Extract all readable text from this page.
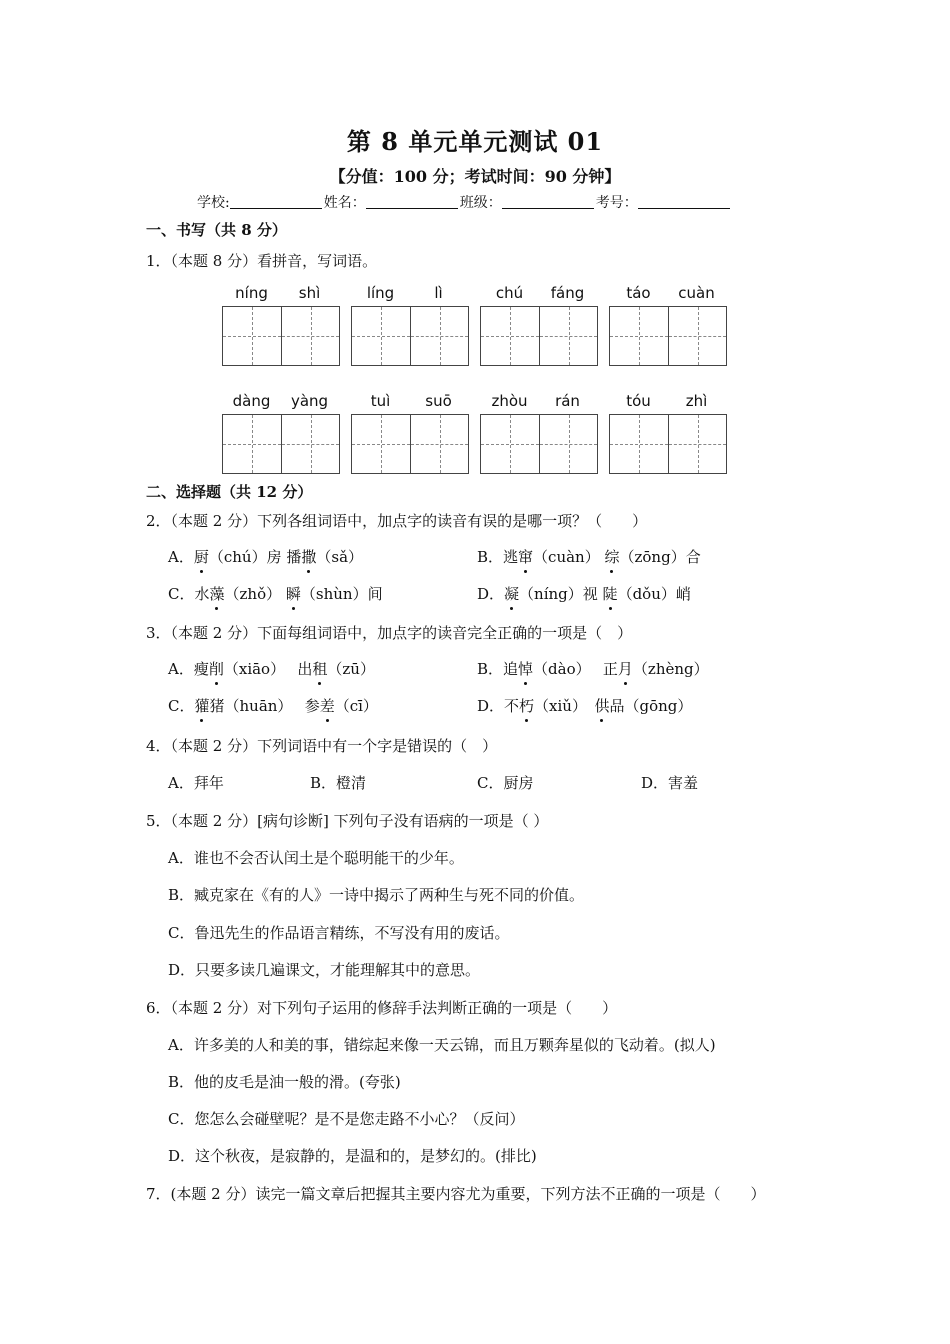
第 8 单元单元测试 01
【分值：100 分；考试时间：90 分钟】
学校:	姓名：	班级：	考号：
一、书写（共 8 分）
1．（本题 8 分）看拼音，写词语。
níng	shì	líng	lì	chú	fáng	táo	cuàn
dàng	yàng	tuì	suō	zhòu	rán	tóu	zhì
二、选择题（共 12 分）
2．（本题 2 分）下列各组词语中，加点字的读音有误的是哪一项？（　　）
A．厨（chú）房 播撒（sǎ）	B．逃窜（cuàn） 综（zōng）合
C．水藻（zhǒ） 瞬（shùn）间	D．凝（níng）视 陡（dǒu）峭
3．（本题 2 分）下面每组词语中，加点字的读音完全正确的一项是（　）
A．瘦削（xiāo）　 出租（zū）	B．追悼（dào）　 正月（zhèng）
C．獾猪（huān）　 参差（cī）	D．不朽（xiǔ）　供品（gōng）
4．（本题 2 分）下列词语中有一个字是错误的（　）
A．拜年	B．橙清	C．厨房	D．害羞
5．（本题 2 分）[病句诊断] 下列句子没有语病的一项是（ ）
A．谁也不会否认闰土是个聪明能干的少年。
B．臧克家在《有的人》一诗中揭示了两种生与死不同的价值。
C．鲁迅先生的作品语言精练，不写没有用的废话。
D．只要多读几遍课文，才能理解其中的意思。
6．（本题 2 分）对下列句子运用的修辞手法判断正确的一项是（　　）
A．许多美的人和美的事，错综起来像一天云锦，而且万颗奔星似的飞动着。(拟人)
B．他的皮毛是油一般的滑。(夸张)
C．您怎么会碰壁呢？是不是您走路不小心？（反问）
D．这个秋夜，是寂静的，是温和的，是梦幻的。(排比)
7．(本题 2 分）读完一篇文章后把握其主要内容尤为重要，下列方法不正确的一项是（　　）
